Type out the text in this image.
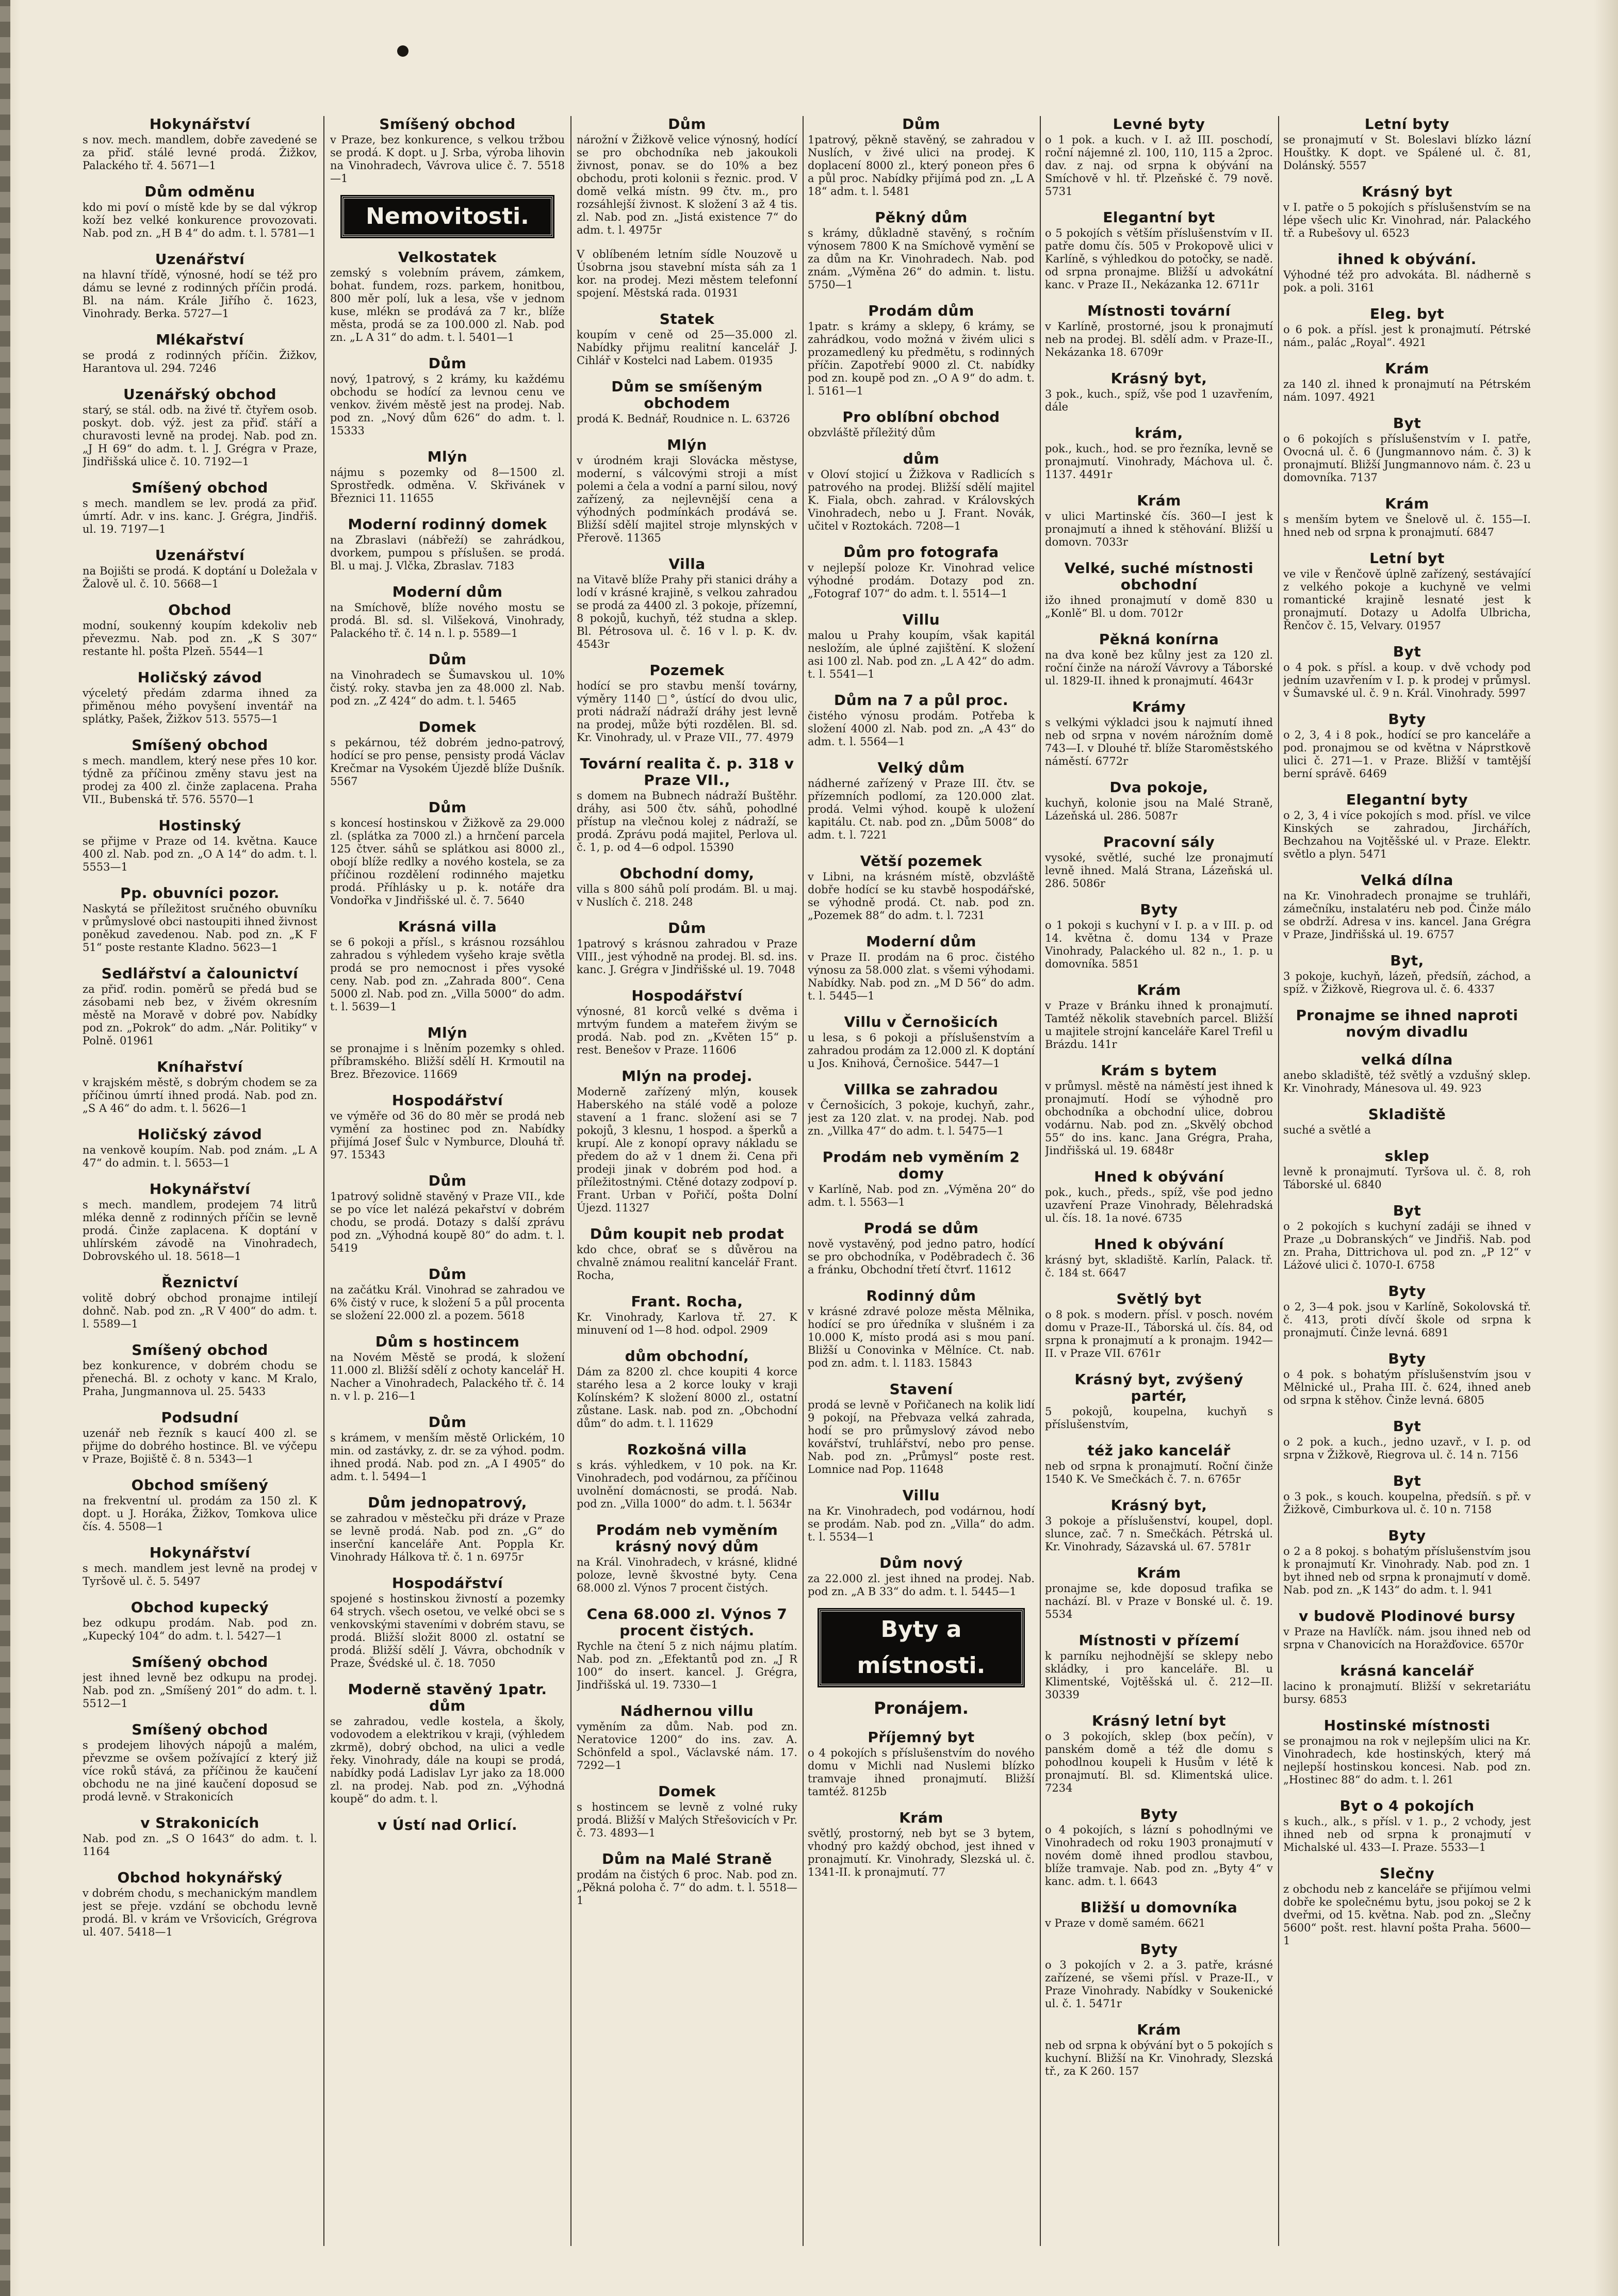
Hokynářství

s nov. mech. mandlem, dobře zavedené se za přiď. stálé levné prodá. Žižkov, Palackého tř. 4. 5671—1

Dům odměnu

kdo mi poví o místě kde by se dal výkrop koží bez velké konkurence provozovati. Nab. pod zn. „H B 4“ do adm. t. l. 5781—1

Uzenářství

na hlavní třídě, výnosné, hodí se též pro dámu se levné z rodinných příčin prodá. Bl. na nám. Krále Jiřího č. 1623, Vinohrady. Berka. 5727—1

Mlékařství

se prodá z rodinných příčin. Žižkov, Harantova ul. 294. 7246

Uzenářský obchod

starý, se stál. odb. na živé tř. čtyřem osob. poskyt. dob. výž. jest za přiď. stáří a churavosti levně na prodej. Nab. pod zn. „J H 69“ do adm. t. l. J. Grégra v Praze, Jindřišská ulice č. 10. 7192—1

Smíšený obchod

s mech. mandlem se lev. prodá za přiď. úmrtí. Adr. v ins. kanc. J. Grégra, Jindřiš. ul. 19. 7197—1

Uzenářství

na Bojišti se prodá. K doptání u Doležala v Žalově ul. č. 10. 5668—1

Obchod

modní, soukenný koupím kdekoliv neb převezmu. Nab. pod zn. „K S 307“ restante hl. pošta Plzeň. 5544—1

Holičský závod

výceletý předám zdarma ihned za přiměnou mého povyšení inventář na splátky, Pašek, Žižkov 513. 5575—1

Smíšený obchod

s mech. mandlem, který nese přes 10 kor. týdně za příčinou změny stavu jest na prodej za 400 zl. činže zaplacena. Praha VII., Bubenská tř. 576. 5570—1

Hostinský

se přijme v Praze od 14. května. Kauce 400 zl. Nab. pod zn. „O A 14“ do adm. t. l. 5553—1

Pp. obuvníci pozor.

Naskytá se příležitost sručného obuvníku v průmyslové obci nastoupiti ihned živnost poněkud zavedenou. Nab. pod zn. „K F 51“ poste restante Kladno. 5623—1

Sedlářství a čalounictví

za přiď. rodin. poměrů se předá bud se zásobami neb bez, v živém okresním městě na Moravě v dobré pov. Nabídky pod zn. „Pokrok“ do adm. „Nár. Politiky“ v Polně. 01961

Kníhařství

v krajském městě, s dobrým chodem se za příčinou úmrtí ihned prodá. Nab. pod zn. „S A 46“ do adm. t. l. 5626—1

Holičský závod

na venkově koupím. Nab. pod znám. „L A 47“ do admin. t. l. 5653—1

Hokynářství

s mech. mandlem, prodejem 74 litrů mléka denně z rodinných příčin se levně prodá. Činže zaplacena. K doptání v uhlírském závodě na Vinohradech, Dobrovského ul. 18. 5618—1

Řeznictví

volitě dobrý obchod pronajme intilejí dohnč. Nab. pod zn. „R V 400“ do adm. t. l. 5589—1

Smíšený obchod

bez konkurence, v dobrém chodu se přenechá. Bl. z ochoty v kanc. M Kralo, Praha, Jungmannova ul. 25. 5433

Podsudní

uzenář neb řezník s kaucí 400 zl. se přijme do dobrého hostince. Bl. ve výčepu v Praze, Bojiště č. 8 n. 5343—1

Obchod smíšený

na frekventní ul. prodám za 150 zl. K dopt. u J. Horáka, Žižkov, Tomkova ulice čís. 4. 5508—1

Hokynářství

s mech. mandlem jest levně na prodej v Tyršově ul. č. 5. 5497

Obchod kupecký

bez odkupu prodám. Nab. pod zn. „Kupecký 104“ do adm. t. l. 5427—1

Smíšený obchod

jest ihned levně bez odkupu na prodej. Nab. pod zn. „Smíšený 201“ do adm. t. l. 5512—1

Smíšený obchod

s prodejem lihových nápojů a malém, převzme se ovšem požívající z který již více roků stává, za příčinou že kaučení obchodu ne na jiné kaučení doposud se prodá levně. v Strakonicích

v Strakonicích

Nab. pod zn. „S O 1643“ do adm. t. l. 1164

Obchod hokynářský

v dobrém chodu, s mechanickým mandlem jest se přeje. vzdání se obchodu levně prodá. Bl. v krám ve Vršovicích, Grégrova ul. 407. 5418—1

Smíšený obchod

v Praze, bez konkurence, s velkou tržbou se prodá. K dopt. u J. Srba, výroba lihovin na Vinohradech, Vávrova ulice č. 7. 5518—1

Nemovitosti.
Velkostatek

zemský s volebním právem, zámkem, bohat. fundem, rozs. parkem, honitbou, 800 měr polí, luk a lesa, vše v jednom kuse, mlékn se prodává za 7 kr., blíže města, prodá se za 100.000 zl. Nab. pod zn. „L A 31“ do adm. t. l. 5401—1

Dům

nový, 1patrový, s 2 krámy, ku každému obchodu se hodící za levnou cenu ve venkov. živém městě jest na prodej. Nab. pod zn. „Nový dům 626“ do adm. t. l. 15333

Mlýn

nájmu s pozemky od 8—1500 zl. Sprostředk. odměna. V. Skřivánek v Březnici 11. 11655

Moderní rodinný domek

na Zbraslavi (nábřeží) se zahrádkou, dvorkem, pumpou s příslušen. se prodá. Bl. u maj. J. Vlčka, Zbraslav. 7183

Moderní dům

na Smíchově, blíže nového mostu se prodá. Bl. sd. sl. Vilšeková, Vinohrady, Palackého tř. č. 14 n. l. p. 5589—1

Dům

na Vinohradech se Šumavskou ul. 10% čistý. roky. stavba jen za 48.000 zl. Nab. pod zn. „Z 424“ do adm. t. l. 5465

Domek

s pekárnou, též dobrém jedno-patrový, hodící se pro pense, pensisty prodá Václav Krečmar na Vysokém Újezdě blíže Dušník. 5567

Dům

s koncesí hostinskou v Žižkově za 29.000 zl. (splátka za 7000 zl.) a hrnčení parcela 125 čtver. sáhů se splátkou asi 8000 zl., obojí blíže redlky a nového kostela, se za příčinou rozdělení rodinného majetku prodá. Příhlásky u p. k. notáře dra Vondořka v Jindřišské ul. č. 7. 5640

Krásná villa

se 6 pokoji a přísl., s krásnou rozsáhlou zahradou s výhledem vyšeho kraje světla prodá se pro nemocnost i přes vysoké ceny. Nab. pod zn. „Zahrada 800“. Cena 5000 zl. Nab. pod zn. „Villa 5000“ do adm. t. l. 5639—1

Mlýn

se pronajme i s lněním pozemky s ohled. příbramského. Bližší sdělí H. Krmoutil na Brez. Březovice. 11669

Hospodářství

ve výměře od 36 do 80 měr se prodá neb vymění za hostinec pod zn. Nabídky přijímá Josef Šulc v Nymburce, Dlouhá tř. 97. 15343

Dům

1patrový solidně stavěný v Praze VII., kde se po více let nalézá pekařství v dobrém chodu, se prodá. Dotazy s další zprávu pod zn. „Výhodná koupě 80“ do adm. t. l. 5419

Dům

na začátku Král. Vinohrad se zahradou ve 6% čistý v ruce, k složení 5 a půl procenta se složení 22.000 zl. a pozem. 5618

Dům s hostincem

na Novém Městě se prodá, k složení 11.000 zl. Bližší sdělí z ochoty kancelář H. Nacher a Vinohradech, Palackého tř. č. 14 n. v l. p. 216—1

Dům

s krámem, v menším městě Orlickém, 10 min. od zastávky, z. dr. se za výhod. podm. ihned prodá. Nab. pod zn. „A I 4905“ do adm. t. l. 5494—1

Dům jednopatrový,

se zahradou v městečku při dráze v Praze se levně prodá. Nab. pod zn. „G“ do inserční kanceláře Ant. Poppla Kr. Vinohrady Hálkova tř. č. 1 n. 6975r

Hospodářství

spojené s hostinskou živností a pozemky 64 strych. všech osetou, ve velké obci se s venkovskými staveními v dobrém stavu, se prodá. Bližší složit 8000 zl. ostatní se prodá. Bližší sdělí J. Vávra, obchodník v Praze, Švédské ul. č. 18. 7050

Moderně stavěný 1patr. dům

se zahradou, vedle kostela, a školy, vodovodem a elektrikou v kraji, (výhledem zkrmě), dobrý obchod, na ulici a vedle řeky. Vinohrady, dále na koupi se prodá, nabídky podá Ladislav Lyr jako za 18.000 zl. na prodej. Nab. pod zn. „Výhodná koupě“ do adm. t. l.

v Ústí nad Orlicí.
Dům

nárožní v Žižkově velice výnosný, hodící se pro obchodníka neb jakoukoli živnost, ponav. se do 10% a bez obchodu, proti kolonii s řeznic. prod. V domě velká místn. 99 čtv. m., pro rozsáhlejší živnost. K složení 3 až 4 tis. zl. Nab. pod zn. „Jistá existence 7“ do adm. t. l. 4975r

V oblíbeném letním sídle Nouzově u Úsobrna jsou stavební místa sáh za 1 kor. na prodej. Mezi městem telefonní spojení. Městská rada. 01931

Statek

koupím v ceně od 25—35.000 zl. Nabídky přijmu realitní kancelář J. Cihlář v Kostelci nad Labem. 01935

Dům se smíšeným obchodem

prodá K. Bednář, Roudnice n. L. 63726

Mlýn

v úrodném kraji Slovácka městyse, moderní, s válcovými stroji a míst polemi a čela a vodní a parní silou, nový zařízený, za nejlevnější cena a výhodných podmínkách prodává se. Bližší sdělí majitel stroje mlynských v Přerově. 11365

Villa

na Vitavě blíže Prahy při stanici dráhy a lodí v krásné krajině, s velkou zahradou se prodá za 4400 zl. 3 pokoje, přízemní, 8 pokojů, kuchyň, též studna a sklep. Bl. Pétrosova ul. č. 16 v l. p. K. dv. 4543r

Pozemek

hodící se pro stavbu menší továrny, výměry 1140 □°, ústící do dvou ulic, proti nádraží nádraží dráhy jest levně na prodej, může býti rozdělen. Bl. sd. Kr. Vinohrady, ul. v Praze VII., 77. 4979

Tovární realita č. p. 318 v Praze VII.,

s domem na Bubnech nádraží Buštěhr. dráhy, asi 500 čtv. sáhů, pohodlné přístup na vlečnou kolej z nádraží, se prodá. Zprávu podá majitel, Perlova ul. č. 1, p. od 4—6 odpol. 15390

Obchodní domy,

villa s 800 sáhů polí prodám. Bl. u maj. v Nuslích č. 218. 248

Dům

1patrový s krásnou zahradou v Praze VIII., jest výhodně na prodej. Bl. sd. ins. kanc. J. Grégra v Jindřišské ul. 19. 7048

Hospodářství

výnosné, 81 korců velké s dvěma i mrtvým fundem a mateřem živým se prodá. Nab. pod zn. „Květen 15“ p. rest. Benešov v Praze. 11606

Mlýn na prodej.

Moderně zařízený mlýn, kousek Haberského na stálé vodě a poloze stavení a 1 franc. složení asi se 7 pokojů, 3 klesnu, 1 hospod. a šperků a krupí. Ale z konopí opravy nákladu se předem do až v 1 dnem ži. Cena při prodeji jinak v dobrém pod hod. a příležitostnými. Ctěné dotazy zodpoví p. Frant. Urban v Pořičí, pošta Dolní Újezd. 11327

Dům koupit neb prodat

kdo chce, obrať se s důvěrou na chvalně známou realitní kancelář Frant. Rocha,

Frant. Rocha,

Kr. Vinohrady, Karlova tř. 27. K minuvení od 1—8 hod. odpol. 2909

dům obchodní,

Dám za 8200 zl. chce koupiti 4 korce starého lesa a 2 korce louky v kraji Kolínském? K složení 8000 zl., ostatní zůstane. Lask. nab. pod zn. „Obchodní dům“ do adm. t. l. 11629

Rozkošná villa

s krás. výhledkem, v 10 pok. na Kr. Vinohradech, pod vodárnou, za příčinou uvolnění domácnosti, se prodá. Nab. pod zn. „Villa 1000“ do adm. t. l. 5634r

Prodám neb vyměním krásný nový dům

na Král. Vinohradech, v krásné, klidné poloze, levně škvostné byty. Cena 68.000 zl. Výnos 7 procent čistých.

Cena 68.000 zl. Výnos 7 procent čistých.

Rychle na čtení 5 z nich nájmu platím. Nab. pod zn. „Efektantů pod zn. „J R 100“ do insert. kancel. J. Grégra, Jindřišská ul. 19. 7330—1

Nádhernou villu

vyměním za dům. Nab. pod zn. Neratovice 1200“ do ins. zav. A. Schönfeld a spol., Václavské nám. 17. 7292—1

Domek

s hostincem se levně z volné ruky prodá. Bližší v Malých Střešovicích v Pr. č. 73. 4893—1

Dům na Malé Straně

prodám na čistých 6 proc. Nab. pod zn. „Pěkná poloha č. 7“ do adm. t. l. 5518—1

Dům

1patrový, pěkně stavěný, se zahradou v Nuslích, v živé ulici na prodej. K doplacení 8000 zl., který poneon přes 6 a půl proc. Nabídky přijímá pod zn. „L A 18“ adm. t. l. 5481

Pěkný dům

s krámy, důkladně stavěný, s ročním výnosem 7800 K na Smíchově vymění se za dům na Kr. Vinohradech. Nab. pod znám. „Výměna 26“ do admin. t. listu. 5750—1

Prodám dům

1patr. s krámy a sklepy, 6 krámy, se zahrádkou, vodo možná v živém ulici s prozamedlený ku předmětu, s rodinných příčin. Zapotřebí 9000 zl. Ct. nabídky pod zn. koupě pod zn. „O A 9“ do adm. t. l. 5161—1

Pro oblíbní obchod

obzvláště příležitý dům

dům

v Oloví stojicí u Žižkova v Radlicích s patrového na prodej. Bližší sdělí majitel K. Fiala, obch. zahrad. v Královských Vinohradech, nebo u J. Frant. Novák, učitel v Roztokách. 7208—1

Dům pro fotografa

v nejlepší poloze Kr. Vinohrad velice výhodné prodám. Dotazy pod zn. „Fotograf 107“ do adm. t. l. 5514—1

Villu

malou u Prahy koupím, však kapitál nesložím, ale úplné zajištění. K složení asi 100 zl. Nab. pod zn. „L A 42“ do adm. t. l. 5541—1

Dům na 7 a půl proc.

čistého výnosu prodám. Potřeba k složení 4000 zl. Nab. pod zn. „A 43“ do adm. t. l. 5564—1

Velký dům

nádherné zařízený v Praze III. čtv. se přízemních podlomí, za 120.000 zlat. prodá. Velmi výhod. koupě k uložení kapitálu. Ct. nab. pod zn. „Dům 5008“ do adm. t. l. 7221

Větší pozemek

v Libni, na krásném místě, obzvláště dobře hodící se ku stavbě hospodářské, se výhodně prodá. Ct. nab. pod zn. „Pozemek 88“ do adm. t. l. 7231

Moderní dům

v Praze II. prodám na 6 proc. čistého výnosu za 58.000 zlat. s všemi výhodami. Nabídky. Nab. pod zn. „M D 56“ do adm. t. l. 5445—1

Villu v Černošicích

u lesa, s 6 pokoji a příslušenstvím a zahradou prodám za 12.000 zl. K doptání u Jos. Knihová, Černošice. 5447—1

Villka se zahradou

v Černošicích, 3 pokoje, kuchyň, zahr., jest za 120 zlat. v. na prodej. Nab. pod zn. „Villka 47“ do adm. t. l. 5475—1

Prodám neb vyměním 2 domy

v Karlíně, Nab. pod zn. „Výměna 20“ do adm. t. l. 5563—1

Prodá se dům

nově vystavěný, pod jedno patro, hodící se pro obchodníka, v Poděbradech č. 36 a fránku, Obchodní třetí čtvrť. 11612

Rodinný dům

v krásné zdravé poloze města Mělnika, hodící se pro úředníka v slušném i za 10.000 K, místo prodá asi s mou paní. Bližší u Conovinka v Mělníce. Ct. nab. pod zn. adm. t. l. 1183. 15843

Stavení

prodá se levně v Pořičanech na kolik lidí 9 pokojí, na Přebvaza velká zahrada, hodí se pro průmyslový závod nebo kovářství, truhlářství, nebo pro pense. Nab. pod zn. „Průmysl“ poste rest. Lomnice nad Pop. 11648

Villu

na Kr. Vinohradech, pod vodárnou, hodí se prodám. Nab. pod zn. „Villa“ do adm. t. l. 5534—1

Dům nový

za 22.000 zl. jest ihned na prodej. Nab. pod zn. „A B 33“ do adm. t. l. 5445—1

Byty a místnosti.
Pronájem.
Příjemný byt

o 4 pokojích s příslušenstvím do nového domu v Michli nad Nuslemi blízko tramvaje ihned pronajmutí. Bližší tamtéž. 8125b

Krám

světlý, prostorný, neb byt se 3 bytem, vhodný pro každý obchod, jest ihned v pronajmutí. Kr. Vinohrady, Slezská ul. č. 1341-II. k pronajmutí. 77

Levné byty

o 1 pok. a kuch. v I. až III. poschodí, roční nájemné zl. 100, 110, 115 a 2proc. dav. z naj. od srpna k obývání na Smíchově v hl. tř. Plzeňské č. 79 nově. 5731

Elegantní byt

o 5 pokojích s větším příslušenstvím v II. patře domu čís. 505 v Prokopově ulici v Karlíně, s výhledkou do potočky, se nadě. od srpna pronajme. Bližší u advokátní kanc. v Praze II., Nekázanka 12. 6711r

Místnosti tovární

v Karlíně, prostorné, jsou k pronajmutí neb na prodej. Bl. sdělí adm. v Praze-II., Nekázanka 18. 6709r

Krásný byt,

3 pok., kuch., spíž, vše pod 1 uzavřením, dále

krám,

pok., kuch., hod. se pro řezníka, levně se pronajmutí. Vinohrady, Máchova ul. č. 1137. 4491r

Krám

v ulici Martinské čís. 360—I jest k pronajmutí a ihned k stěhování. Bližší u domovn. 7033r

Velké, suché místnosti obchodní

ižo ihned pronajmutí v domě 830 u „Konlě“ Bl. u dom. 7012r

Pěkná konírna

na dva koně bez kůlny jest za 120 zl. roční činže na nároží Vávrovy a Táborské ul. 1829-II. ihned k pronajmutí. 4643r

Krámy

s velkými výkladci jsou k najmutí ihned neb od srpna v novém nárožním domě 743—I. v Dlouhé tř. blíže Staroměstského náměstí. 6772r

Dva pokoje,

kuchyň, kolonie jsou na Malé Straně, Lázeňská ul. 286. 5087r

Pracovní sály

vysoké, světlé, suché lze pronajmutí levně ihned. Malá Strana, Lázeňská ul. 286. 5086r

Byty

o 1 pokoji s kuchyní v I. p. a v III. p. od 14. května č. domu 134 v Praze Vinohrady, Palackého ul. 82 n., 1. p. u domovníka. 5851

Krám

v Praze v Bránku ihned k pronajmutí. Tamtéž několik stavebních parcel. Bližší u majitele strojní kanceláře Karel Trefil u Brázdu. 141r

Krám s bytem

v průmysl. městě na náměstí jest ihned k pronajmutí. Hodí se výhodně pro obchodníka a obchodní ulice, dobrou vodárnu. Nab. pod zn. „Skvělý obchod 55“ do ins. kanc. Jana Grégra, Praha, Jindřišská ul. 19. 6848r

Hned k obývání

pok., kuch., předs., spíž, vše pod jedno uzavření Praze Vinohrady, Bělehradská ul. čís. 18. 1a nové. 6735

Hned k obývání

krásný byt, skladiště. Karlín, Palack. tř. č. 184 st. 6647

Světlý byt

o 8 pok. s modern. přísl. v posch. novém domu v Praze-II., Táborská ul. čís. 84, od srpna k pronajmutí a k pronajm. 1942—II. v Praze VII. 6761r

Krásný byt, zvýšený partér,

5 pokojů, koupelna, kuchyň s příslušenstvím,

též jako kancelář

neb od srpna k pronajmutí. Roční činže 1540 K. Ve Smečkách č. 7. n. 6765r

Krásný byt,

3 pokoje a příslušenství, koupel, dopl. slunce, zač. 7 n. Smečkách. Pétrská ul. Kr. Vinohrady, Sázavská ul. 67. 5781r

Krám

pronajme se, kde doposud trafika se nachází. Bl. v Praze v Bonské ul. č. 19. 5534

Místnosti v přízemí

k parníku nejhodnější se sklepy nebo skládky, i pro kanceláře. Bl. u Klimentské, Vojtěšská ul. č. 212—II. 30339

Krásný letní byt

o 3 pokojích, sklep (box pečín), v panském domě a též dle domu s pohodlnou koupeli k Husům v létě k pronajmutí. Bl. sd. Klimentská ulice. 7234

Byty

o 4 pokojích, s lázní s pohodlnými ve Vinohradech od roku 1903 pronajmutí v novém domě ihned prodlou stavbou, blíže tramvaje. Nab. pod zn. „Byty 4“ v kanc. adm. t. l. 6643

Bližší u domovníka

v Praze v domě samém. 6621

Byty

o 3 pokojích v 2. a 3. patře, krásné zařízené, se všemi přísl. v Praze-II., v Praze Vinohrady. Nabídky v Soukenické ul. č. 1. 5471r

Krám

neb od srpna k obývání byt o 5 pokojích s kuchyní. Bližší na Kr. Vinohrady, Slezská tř., za K 260. 157

Letní byty

se pronajmutí v St. Boleslavi blízko lázní Houštky. K dopt. ve Spálené ul. č. 81, Dolánský. 5557

Krásný byt

v I. patře o 5 pokojích s příslušenstvím se na lépe všech ulic Kr. Vinohrad, nár. Palackého tř. a Rubešovy ul. 6523

ihned k obývání.

Výhodné též pro advokáta. Bl. nádherně s pok. a poli. 3161

Eleg. byt

o 6 pok. a přísl. jest k pronajmutí. Pétrské nám., palác „Royal“. 4921

Krám

za 140 zl. ihned k pronajmutí na Pétrském nám. 1097. 4921

Byt

o 6 pokojích s příslušenstvím v I. patře, Ovocná ul. č. 6 (Jungmannovo nám. č. 3) k pronajmutí. Bližší Jungmannovo nám. č. 23 u domovníka. 7137

Krám

s menším bytem ve Šnelově ul. č. 155—I. hned neb od srpna k pronajmutí. 6847

Letní byt

ve vile v Řenčově úplně zařízený, sestávající z velkého pokoje a kuchyně ve velmi romantické krajině lesnaté jest k pronajmutí. Dotazy u Adolfa Ulbricha, Řenčov č. 15, Velvary. 01957

Byt

o 4 pok. s přísl. a koup. v dvě vchody pod jedním uzavřením v I. p. k prodej v průmysl. v Šumavské ul. č. 9 n. Král. Vinohrady. 5997

Byty

o 2, 3, 4 i 8 pok., hodící se pro kanceláře a pod. pronajmou se od května v Náprstkově ulici č. 271—1. v Praze. Bližší v tamtější berní správě. 6469

Elegantní byty

o 2, 3, 4 i více pokojích s mod. přísl. ve vilce Kinských se zahradou, Jirchářích, Bechzahou na Vojtěšské ul. v Praze. Elektr. světlo a plyn. 5471

Velká dílna

na Kr. Vinohradech pronajme se truhláři, zámečníku, instalatéru neb pod. Činže málo se obdrží. Adresa v ins. kancel. Jana Grégra v Praze, Jindřišská ul. 19. 6757

Byt,

3 pokoje, kuchyň, lázeň, předsíň, záchod, a spíž. v Žižkově, Riegrova ul. č. 6. 4337

Pronajme se ihned naproti novým divadlu
velká dílna

anebo skladiště, též světlý a vzdušný sklep. Kr. Vinohrady, Mánesova ul. 49. 923

Skladiště

suché a světlé a

sklep

levně k pronajmutí. Tyršova ul. č. 8, roh Táborské ul. 6840

Byt

o 2 pokojích s kuchyní zadáji se ihned v Praze „u Dobranských“ ve Jindřiš. Nab. pod zn. Praha, Dittrichova ul. pod zn. „P 12“ v Lážové ulici č. 1070-I. 6758

Byty

o 2, 3—4 pok. jsou v Karlíně, Sokolovská tř. č. 413, proti dívčí škole od srpna k pronajmutí. Činže levná. 6891

Byty

o 4 pok. s bohatým příslušenstvím jsou v Mělnické ul., Praha III. č. 624, ihned aneb od srpna k stěhov. Činže levná. 6805

Byt

o 2 pok. a kuch., jedno uzavř., v I. p. od srpna v Žižkově, Riegrova ul. č. 14 n. 7156

Byt

o 3 pok., s kouch. koupelna, předsíň. s př. v Žižkově, Cimburkova ul. č. 10 n. 7158

Byty

o 2 a 8 pokoj. s bohatým příslušenstvím jsou k pronajmutí Kr. Vinohrady. Nab. pod zn. 1 byt ihned neb od srpna k pronajmutí v domě. Nab. pod zn. „K 143“ do adm. t. l. 941

v budově Plodinové bursy

v Praze na Havlíčk. nám. jsou ihned neb od srpna v Chanovicích na Horažďovice. 6570r

krásná kancelář

lacino k pronajmutí. Bližší v sekretariátu bursy. 6853

Hostinské místnosti

se pronajmou na rok v nejlepším ulici na Kr. Vinohradech, kde hostinských, který má nejlepší hostinskou koncesi. Nab. pod zn. „Hostinec 88“ do adm. t. l. 261

Byt o 4 pokojích

s kuch., alk., s přísl. v 1. p., 2 vchody, jest ihned neb od srpna k pronajmutí v Michalské ul. 433—I. Praze. 5533—1

Slečny

z obchodu neb z kanceláře se přijímou velmi dobře ke společnému bytu, jsou pokoj se 2 k dveřmi, od 15. května. Nab. pod zn. „Slečny 5600“ pošt. rest. hlavní pošta Praha. 5600—1
